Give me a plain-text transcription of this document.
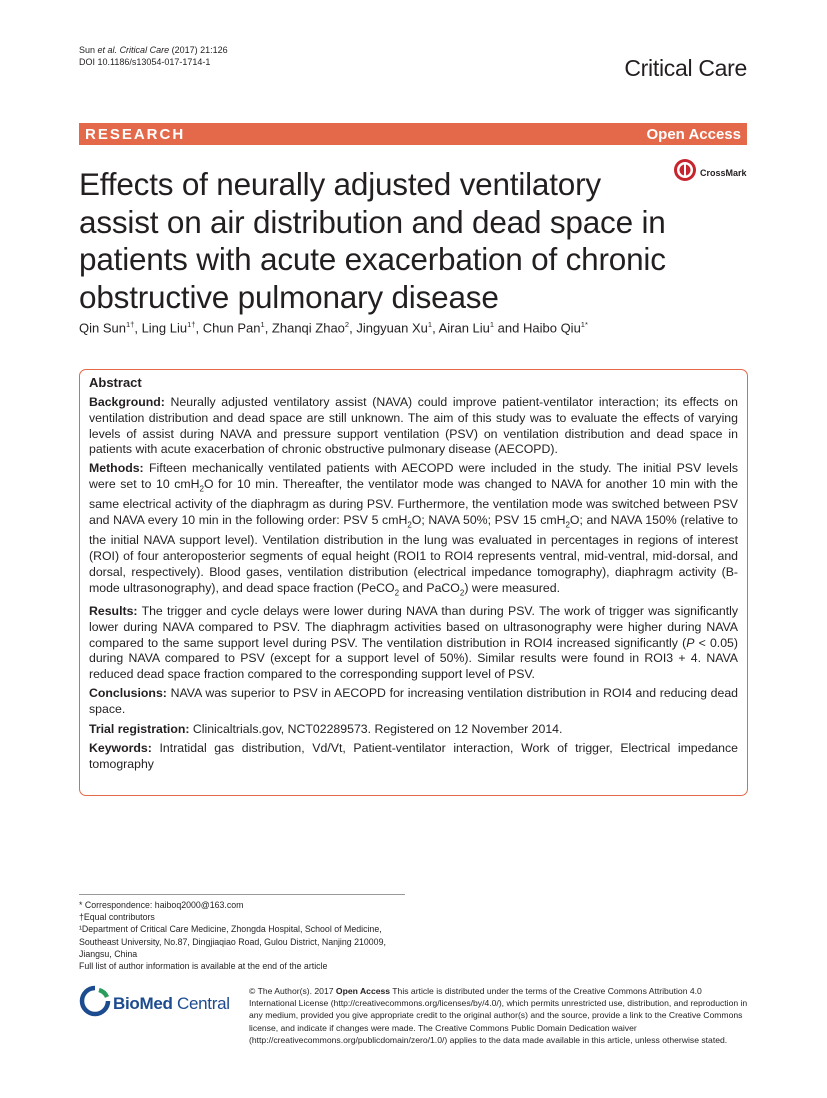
Sun et al. Critical Care (2017) 21:126
DOI 10.1186/s13054-017-1714-1	Critical Care
RESEARCH	Open Access
CrossMark
Effects of neurally adjusted ventilatory assist on air distribution and dead space in patients with acute exacerbation of chronic obstructive pulmonary disease
Qin Sun$^{1\dagger}$, Ling Liu$^{1\dagger}$, Chun Pan$^1$, Zhanqi Zhao$^2$, Jingyuan Xu$^1$, Airan Liu$^1$ and Haibo Qiu$^{1*}$
Abstract

Background: Neurally adjusted ventilatory assist (NAVA) could improve patient-ventilator interaction; its effects on ventilation distribution and dead space are still unknown. The aim of this study was to evaluate the effects of varying levels of assist during NAVA and pressure support ventilation (PSV) on ventilation distribution and dead space in patients with acute exacerbation of chronic obstructive pulmonary disease (AECOPD).

Methods: Fifteen mechanically ventilated patients with AECOPD were included in the study. The initial PSV levels were set to 10 cmH$_2$O for 10 min. Thereafter, the ventilator mode was changed to NAVA for another 10 min with the same electrical activity of the diaphragm as during PSV. Furthermore, the ventilation mode was switched between PSV and NAVA every 10 min in the following order: PSV 5 cmH$_2$O; NAVA 50%; PSV 15 cmH$_2$O; and NAVA 150% (relative to the initial NAVA support level). Ventilation distribution in the lung was evaluated in percentages in regions of interest (ROI) of four anteroposterior segments of equal height (ROI1 to ROI4 represents ventral, mid-ventral, mid-dorsal, and dorsal, respectively). Blood gases, ventilation distribution (electrical impedance tomography), diaphragm activity (B-mode ultrasonography), and dead space fraction (PeCO$_2$ and PaCO$_2$) were measured.

Results: The trigger and cycle delays were lower during NAVA than during PSV. The work of trigger was significantly lower during NAVA compared to PSV. The diaphragm activities based on ultrasonography were higher during NAVA compared to the same support level during PSV. The ventilation distribution in ROI4 increased significantly (P < 0.05) during NAVA compared to PSV (except for a support level of 50%). Similar results were found in ROI3 + 4. NAVA reduced dead space fraction compared to the corresponding support level of PSV.

Conclusions: NAVA was superior to PSV in AECOPD for increasing ventilation distribution in ROI4 and reducing dead space.

Trial registration: Clinicaltrials.gov, NCT02289573. Registered on 12 November 2014.

Keywords: Intratidal gas distribution, Vd/Vt, Patient-ventilator interaction, Work of trigger, Electrical impedance tomography

* Correspondence: haiboq2000@163.com
†Equal contributors
¹Department of Critical Care Medicine, Zhongda Hospital, School of Medicine, Southeast University, No.87, Dingjiaqiao Road, Gulou District, Nanjing 210009, Jiangsu, China
Full list of author information is available at the end of the article
BioMed Central
© The Author(s). 2017 Open Access This article is distributed under the terms of the Creative Commons Attribution 4.0 International License (http://creativecommons.org/licenses/by/4.0/), which permits unrestricted use, distribution, and reproduction in any medium, provided you give appropriate credit to the original author(s) and the source, provide a link to the Creative Commons license, and indicate if changes were made. The Creative Commons Public Domain Dedication waiver (http://creativecommons.org/publicdomain/zero/1.0/) applies to the data made available in this article, unless otherwise stated.
